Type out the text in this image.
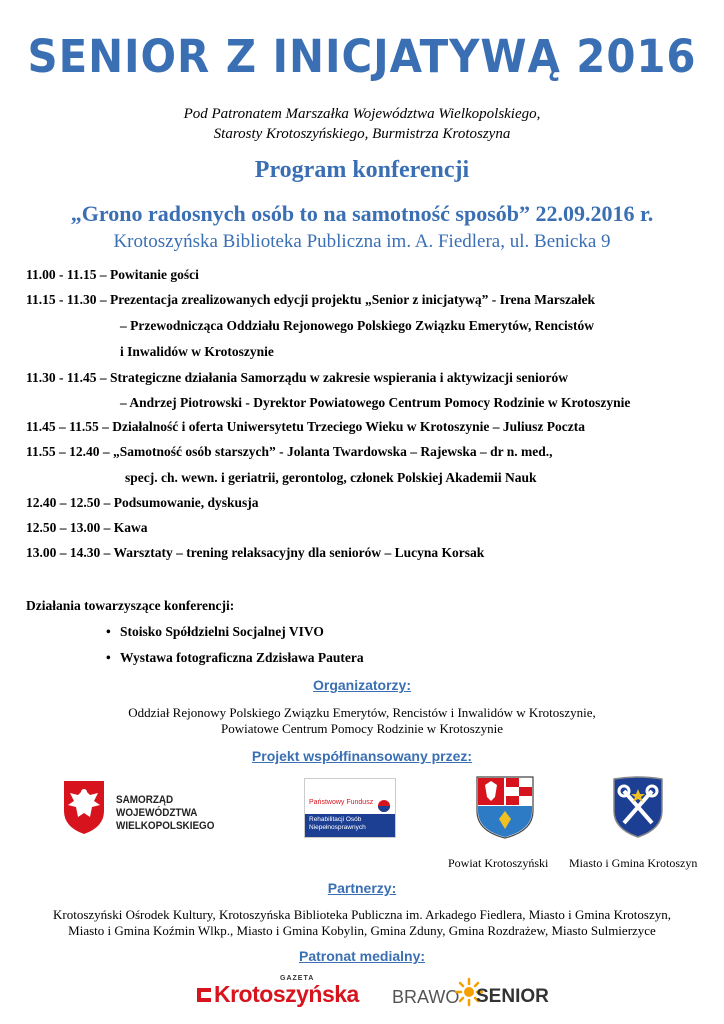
SENIOR Z INICJATYWĄ 2016
Pod Patronatem Marszałka Województwa Wielkopolskiego,
Starosty Krotoszyńskiego, Burmistrza Krotoszyna
Program konferencji
„Grono radosnych osób to na samotność sposób” 22.09.2016 r.
Krotoszyńska Biblioteka Publiczna im. A. Fiedlera, ul. Benicka 9
11.00 - 11.15 – Powitanie gości
11.15 - 11.30 – Prezentacja zrealizowanych edycji projektu „Senior z inicjatywą” - Irena Marszałek
– Przewodnicząca Oddziału Rejonowego Polskiego Związku Emerytów, Rencistów
i Inwalidów w Krotoszynie
11.30 - 11.45 – Strategiczne działania Samorządu w zakresie wspierania i aktywizacji seniorów
– Andrzej Piotrowski - Dyrektor Powiatowego Centrum Pomocy Rodzinie w Krotoszynie
11.45 – 11.55 – Działalność i oferta Uniwersytetu Trzeciego Wieku w Krotoszynie – Juliusz Poczta
11.55 – 12.40 – „Samotność osób starszych” - Jolanta Twardowska – Rajewska – dr n. med.,
specj. ch. wewn. i geriatrii, gerontolog, członek Polskiej Akademii Nauk
12.40 – 12.50 – Podsumowanie, dyskusja
12.50 – 13.00 – Kawa
13.00 – 14.30 – Warsztaty – trening relaksacyjny dla seniorów – Lucyna Korsak
Działania towarzyszące konferencji:
• Stoisko Spółdzielni Socjalnej VIVO
• Wystawa fotograficzna Zdzisława Pautera
Organizatorzy:
Oddział Rejonowy Polskiego Związku Emerytów, Rencistów i Inwalidów w Krotoszynie,
Powiatowe Centrum Pomocy Rodzinie w Krotoszynie
Projekt współfinansowany przez:
SAMORZĄD WOJEWÓDZTWA
WIELKOPOLSKIEGO
Państwowy Fundusz
Rehabilitacji Osób
Niepełnosprawnych
Powiat Krotoszyński Miasto i Gmina Krotoszyn
Partnerzy:
Krotoszyński Ośrodek Kultury, Krotoszyńska Biblioteka Publiczna im. Arkadego Fiedlera, Miasto i Gmina Krotoszyn,
Miasto i Gmina Koźmin Wlkp., Miasto i Gmina Kobylin, Gmina Zduny, Gmina Rozdrażew, Miasto Sulmierzyce
Patronat medialny:
GAZETA
Krotoszyńska BRAWO SENIOR
